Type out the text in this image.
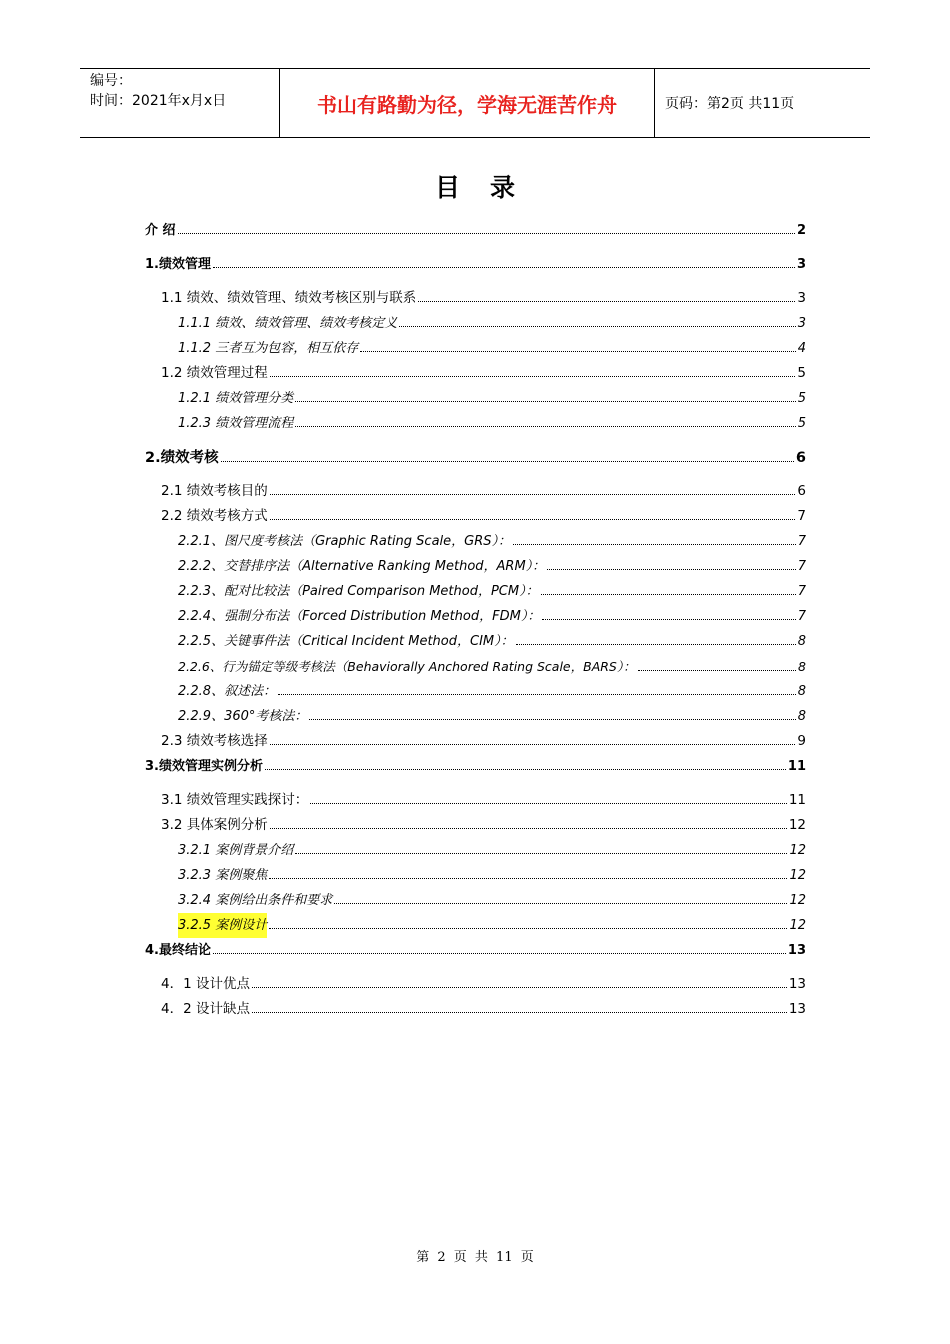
编号：
时间：2021年x月x日	书山有路勤为径，学海无涯苦作舟	页码：第2页 共11页
目录
介 绍	2
1.绩效管理	3
1.1 绩效、绩效管理、绩效考核区别与联系	3
1.1.1 绩效、绩效管理、绩效考核定义	3
1.1.2 三者互为包容，相互依存	4
1.2 绩效管理过程	5
1.2.1 绩效管理分类	5
1.2.3 绩效管理流程	5
2.绩效考核	6
2.1 绩效考核目的	6
2.2 绩效考核方式	7
2.2.1、图尺度考核法（Graphic Rating Scale，GRS）：	7
2.2.2、交替排序法（Alternative Ranking Method，ARM）：	7
2.2.3、配对比较法（Paired Comparison Method，PCM）：	7
2.2.4、强制分布法（Forced Distribution Method，FDM）：	7
2.2.5、关键事件法（Critical Incident Method，CIM）：	8
2.2.6、行为锚定等级考核法（Behaviorally Anchored Rating Scale，BARS）：	8
2.2.8、叙述法：	8
2.2.9、360°考核法：	8
2.3 绩效考核选择	9
3.绩效管理实例分析	11
3.1 绩效管理实践探讨：	11
3.2 具体案例分析	12
3.2.1 案例背景介绍	12
3.2.3 案例聚焦	12
3.2.4 案例给出条件和要求	12
3.2.5 案例设计	12
4.最终结论	13
4．1 设计优点	13
4．2 设计缺点	13
第 2 页 共 11 页
